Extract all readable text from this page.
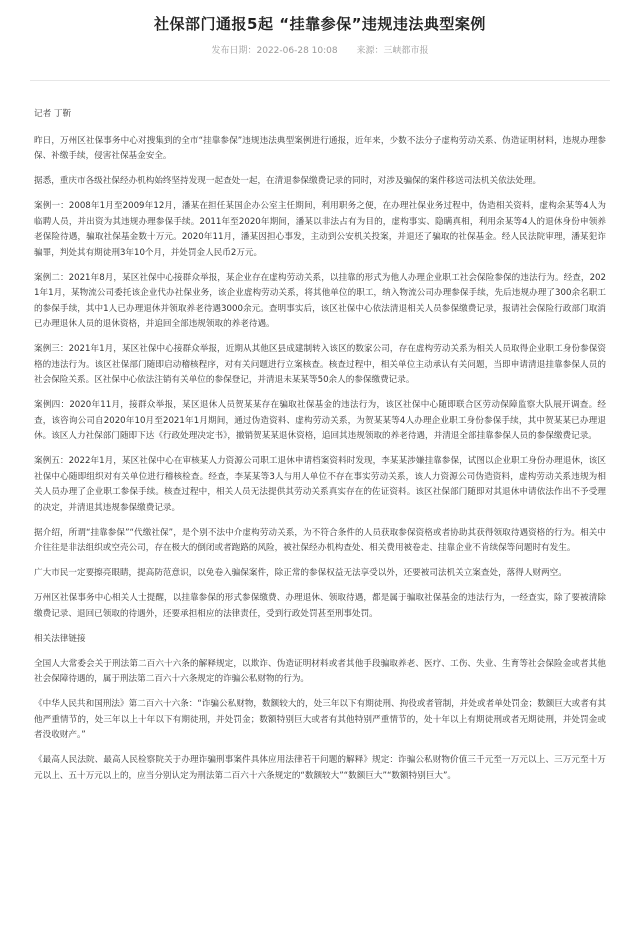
社保部门通报5起 “挂靠参保”违规违法典型案例
发布日期：2022-06-28 10:08 来源：三峡都市报

记者 丁靳

昨日，万州区社保事务中心对搜集到的全市“挂靠参保”违规违法典型案例进行通报，近年来，少数不法分子虚构劳动关系、伪造证明材料，违规办理参保、补缴手续，侵害社保基金安全。

据悉，重庆市各级社保经办机构始终坚持发现一起查处一起，在清退参保缴费记录的同时，对涉及骗保的案件移送司法机关依法处理。

案例一：2008年1月至2009年12月，潘某在担任某国企办公室主任期间，利用职务之便，在办理社保业务过程中，伪造相关资料，虚构余某等4人为临聘人员，并出资为其违规办理参保手续。2011年至2020年期间，潘某以非法占有为目的，虚构事实、隐瞒真相，利用余某等4人的退休身份申领养老保险待遇，骗取社保基金数十万元。2020年11月，潘某因担心事发，主动到公安机关投案，并退还了骗取的社保基金。经人民法院审理，潘某犯诈骗罪，判处其有期徒刑3年10个月，并处罚金人民币2万元。

案例二：2021年8月，某区社保中心接群众举报，某企业存在虚构劳动关系，以挂靠的形式为他人办理企业职工社会保险参保的违法行为。经查，2021年1月，某物流公司委托该企业代办社保业务，该企业虚构劳动关系，将其他单位的职工，纳入物流公司办理参保手续，先后违规办理了300余名职工的参保手续，其中1人已办理退休并领取养老待遇3000余元。查明事实后，该区社保中心依法清退相关人员参保缴费记录，报请社会保险行政部门取消已办理退休人员的退休资格，并追回全部违规领取的养老待遇。

案例三：2021年1月，某区社保中心接群众举报，近期从其他区县成建制转入该区的数家公司，存在虚构劳动关系为相关人员取得企业职工身份参保资格的违法行为。该区社保部门随即启动稽核程序，对有关问题进行立案核查。核查过程中，相关单位主动承认有关问题，当即申请清退挂靠参保人员的社会保险关系。区社保中心依法注销有关单位的参保登记，并清退未某某等50余人的参保缴费记录。

案例四：2020年11月，接群众举报，某区退休人员贺某某存在骗取社保基金的违法行为，该区社保中心随即联合区劳动保障监察大队展开调查。经查，该咨询公司自2020年10月至2021年1月期间，通过伪造资料、虚构劳动关系，为贺某某等4人办理企业职工身份参保手续，其中贺某某已办理退休。该区人力社保部门随即下达《行政处理决定书》，撤销贺某某退休资格，追回其违规领取的养老待遇，并清退全部挂靠参保人员的参保缴费记录。

案例五：2022年1月，某区社保中心在审核某人力资源公司职工退休申请档案资料时发现，李某某涉嫌挂靠参保，试图以企业职工身份办理退休，该区社保中心随即组织对有关单位进行稽核检查。经查，李某某等3人与用人单位不存在事实劳动关系，该人力资源公司伪造资料，虚构劳动关系违规为相关人员办理了企业职工参保手续。核查过程中，相关人员无法提供其劳动关系真实存在的佐证资料。该区社保部门随即对其退休申请依法作出不予受理的决定，并清退其违规参保缴费记录。

据介绍，所谓“挂靠参保”“代缴社保”，是个别不法中介虚构劳动关系，为不符合条件的人员获取参保资格或者协助其获得领取待遇资格的行为。相关中介往往是非法组织或空壳公司，存在极大的倒闭或者跑路的风险，被社保经办机构查处、相关费用被卷走、挂靠企业不肯续保等问题时有发生。

广大市民一定要擦亮眼睛，提高防范意识，以免卷入骗保案件，除正常的参保权益无法享受以外，还要被司法机关立案查处，落得人财两空。

万州区社保事务中心相关人士提醒，以挂靠参保的形式参保缴费、办理退休、领取待遇，都是属于骗取社保基金的违法行为，一经查实，除了要被清除缴费记录、退回已领取的待遇外，还要承担相应的法律责任，受到行政处罚甚至刑事处罚。

相关法律链接

全国人大常委会关于刑法第二百六十六条的解释规定，以欺诈、伪造证明材料或者其他手段骗取养老、医疗、工伤、失业、生育等社会保险金或者其他社会保障待遇的，属于刑法第二百六十六条规定的诈骗公私财物的行为。

《中华人民共和国刑法》第二百六十六条：“诈骗公私财物，数额较大的，处三年以下有期徒刑、拘役或者管制，并处或者单处罚金；数额巨大或者有其他严重情节的，处三年以上十年以下有期徒刑，并处罚金；数额特别巨大或者有其他特别严重情节的，处十年以上有期徒刑或者无期徒刑，并处罚金或者没收财产。”

《最高人民法院、最高人民检察院关于办理诈骗刑事案件具体应用法律若干问题的解释》规定：诈骗公私财物价值三千元至一万元以上、三万元至十万元以上、五十万元以上的，应当分别认定为刑法第二百六十六条规定的“数额较大”“数额巨大”“数额特别巨大”。
